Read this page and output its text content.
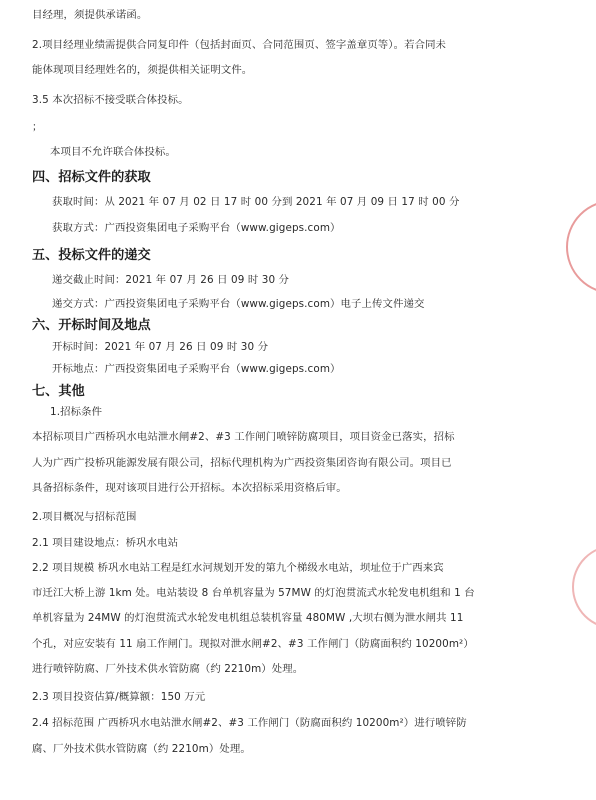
目经理，须提供承诺函。
2.项目经理业绩需提供合同复印件（包括封面页、合同范围页、签字盖章页等）。若合同未
能体现项目经理姓名的，须提供相关证明文件。
3.5 本次招标不接受联合体投标。
；
本项目不允许联合体投标。
四、招标文件的获取
获取时间：从 2021 年 07 月 02 日 17 时 00 分到 2021 年 07 月 09 日 17 时 00 分
获取方式：广西投资集团电子采购平台（www.gigeps.com）
五、投标文件的递交
递交截止时间：2021 年 07 月 26 日 09 时 30 分
递交方式：广西投资集团电子采购平台（www.gigeps.com）电子上传文件递交
六、开标时间及地点
开标时间：2021 年 07 月 26 日 09 时 30 分
开标地点：广西投资集团电子采购平台（www.gigeps.com）
七、其他
1.招标条件
本招标项目广西桥巩水电站泄水闸#2、#3 工作闸门喷锌防腐项目，项目资金已落实，招标
人为广西广投桥巩能源发展有限公司，招标代理机构为广西投资集团咨询有限公司。项目已
具备招标条件，现对该项目进行公开招标。本次招标采用资格后审。
2.项目概况与招标范围
2.1 项目建设地点：桥巩水电站
2.2 项目规模 桥巩水电站工程是红水河规划开发的第九个梯级水电站，坝址位于广西来宾
市迁江大桥上游 1km 处。电站装设 8 台单机容量为 57MW 的灯泡贯流式水轮发电机组和 1 台
单机容量为 24MW 的灯泡贯流式水轮发电机组总装机容量 480MW ,大坝右侧为泄水闸共 11
个孔，对应安装有 11 扇工作闸门。现拟对泄水闸#2、#3 工作闸门（防腐面积约 10200m²）
进行喷锌防腐、厂外技术供水管防腐（约 2210m）处理。
2.3 项目投资估算/概算额：150 万元
2.4 招标范围 广西桥巩水电站泄水闸#2、#3 工作闸门（防腐面积约 10200m²）进行喷锌防
腐、厂外技术供水管防腐（约 2210m）处理。
